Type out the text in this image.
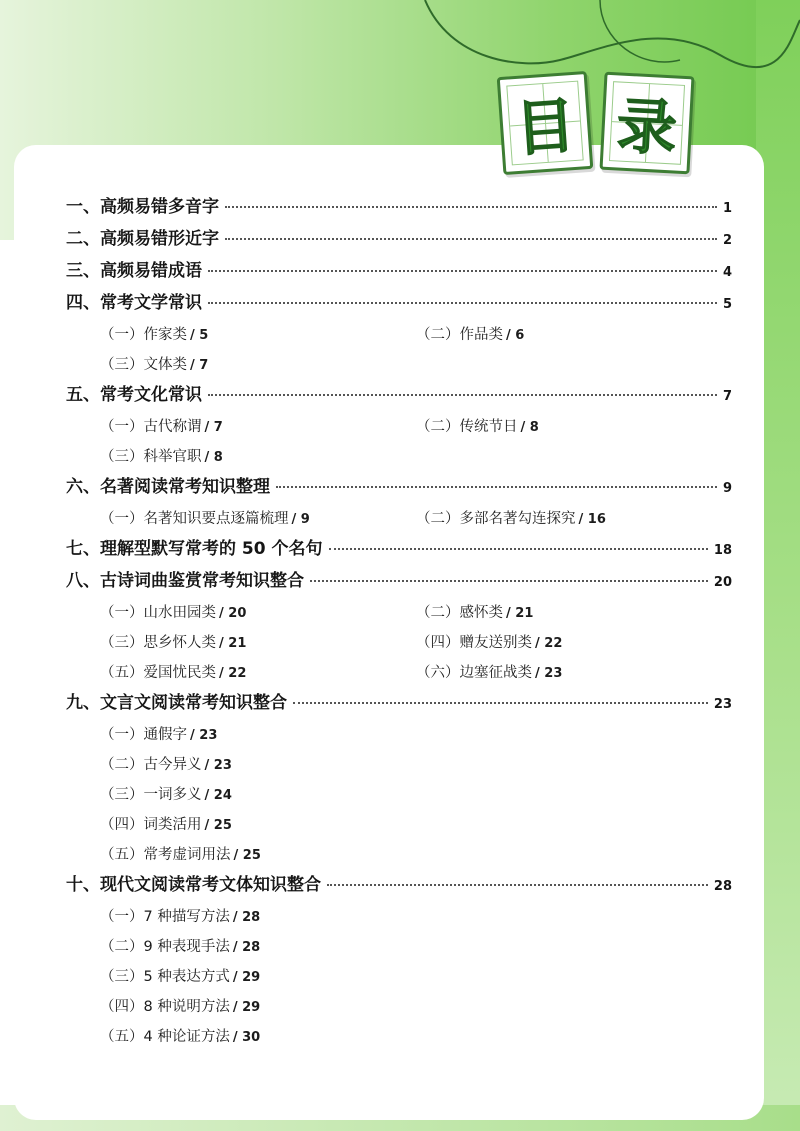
目 录
一、高频易错多音字	1
二、高频易错形近字	2
三、高频易错成语	4
四、常考文学常识	5
（一）作家类 / 5	（二）作品类 / 6
（三）文体类 / 7
五、常考文化常识	7
（一）古代称谓 / 7	（二）传统节日 / 8
（三）科举官职 / 8
六、名著阅读常考知识整理	9
（一）名著知识要点逐篇梳理 / 9	（二）多部名著勾连探究 / 16
七、理解型默写常考的 50 个名句	18
八、古诗词曲鉴赏常考知识整合	20
（一）山水田园类 / 20	（二）感怀类 / 21
（三）思乡怀人类 / 21	（四）赠友送别类 / 22
（五）爱国忧民类 / 22	（六）边塞征战类 / 23
九、文言文阅读常考知识整合	23
（一）通假字 / 23
（二）古今异义 / 23
（三）一词多义 / 24
（四）词类活用 / 25
（五）常考虚词用法 / 25
十、现代文阅读常考文体知识整合	28
（一）7 种描写方法 / 28
（二）9 种表现手法 / 28
（三）5 种表达方式 / 29
（四）8 种说明方法 / 29
（五）4 种论证方法 / 30
